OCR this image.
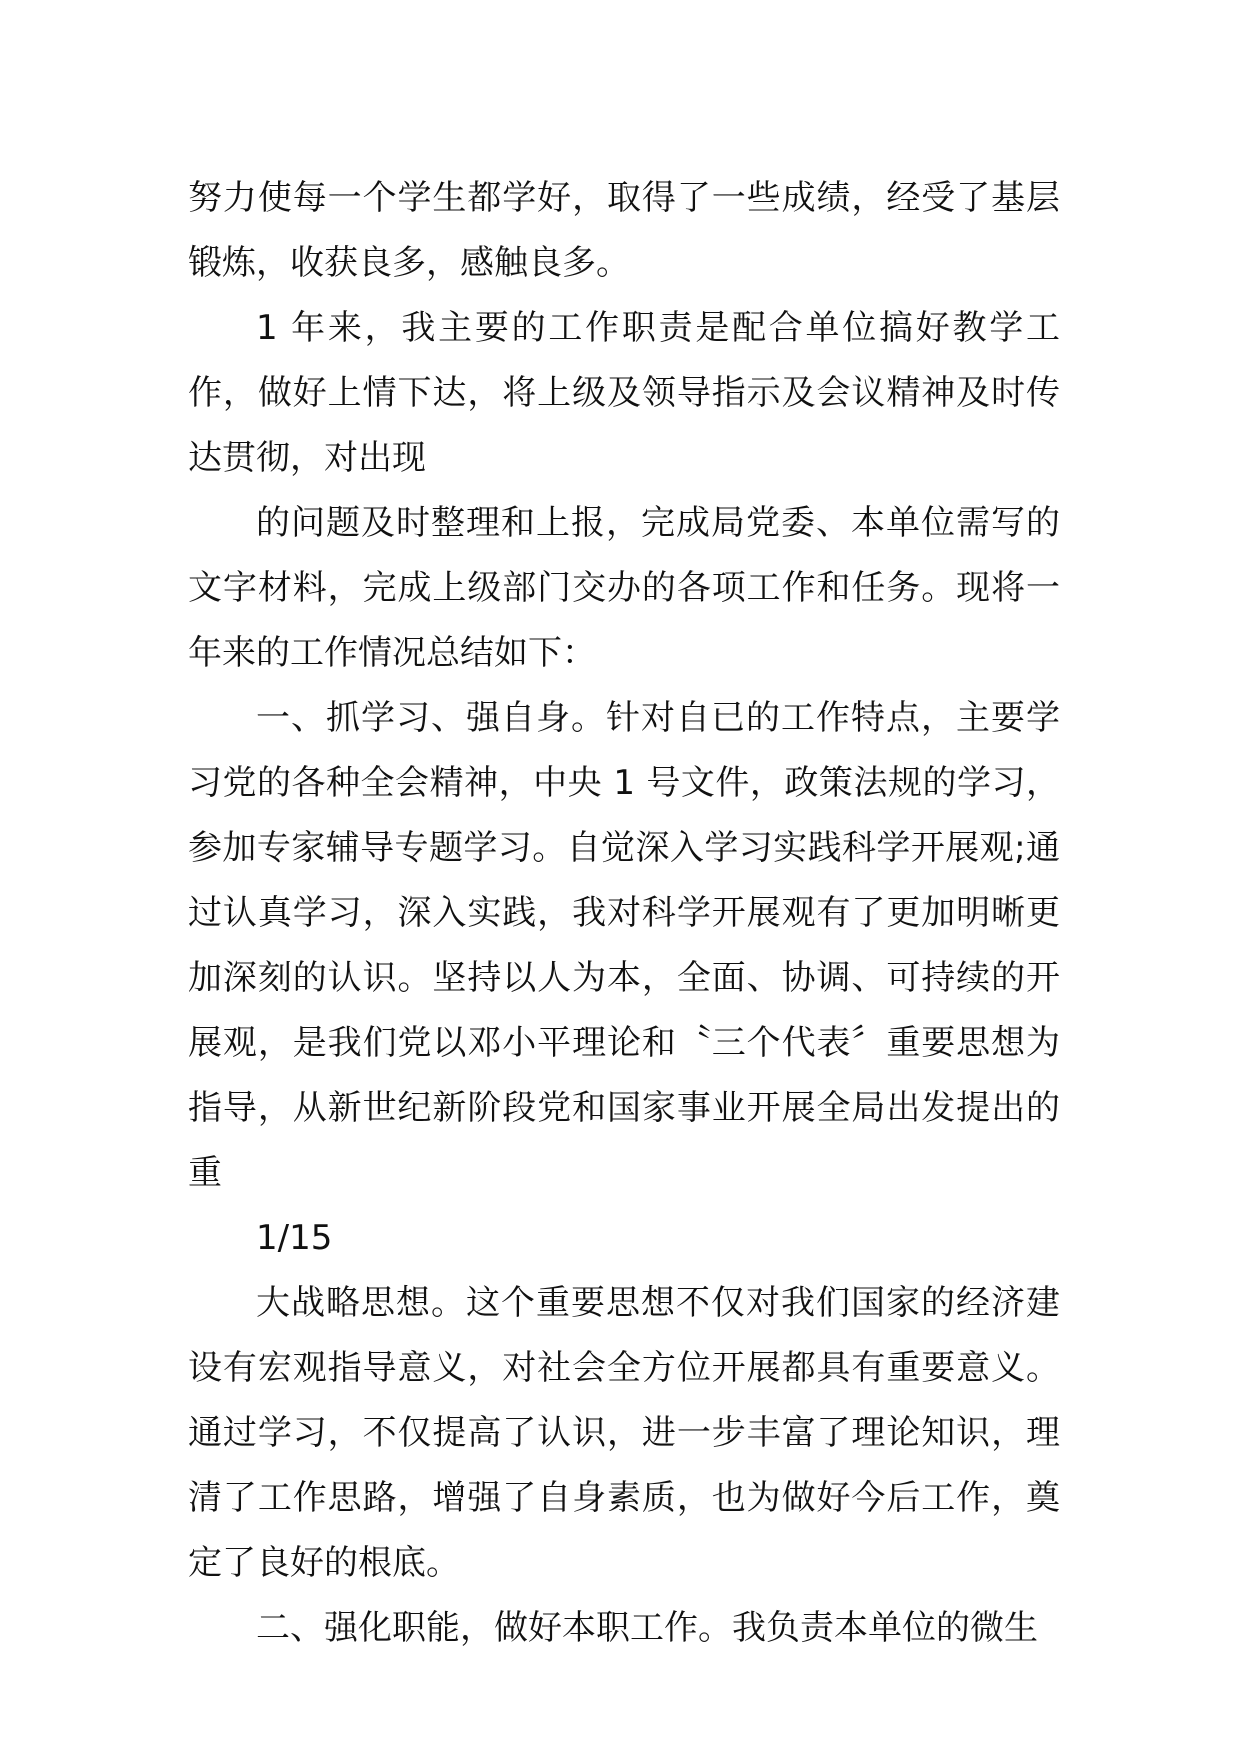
努力使每一个学生都学好，取得了一些成绩，经受了基层锻炼，收获良多，感触良多。

1 年来，我主要的工作职责是配合单位搞好教学工作，做好上情下达，将上级及领导指示及会议精神及时传达贯彻，对出现

的问题及时整理和上报，完成局党委、本单位需写的文字材料，完成上级部门交办的各项工作和任务。现将一年来的工作情况总结如下：

一、抓学习、强自身。针对自已的工作特点，主要学习党的各种全会精神，中央 1 号文件，政策法规的学习，参加专家辅导专题学习。自觉深入学习实践科学开展观;通过认真学习，深入实践，我对科学开展观有了更加明晰更加深刻的认识。坚持以人为本，全面、协调、可持续的开展观，是我们党以邓小平理论和〝三个代表〞重要思想为指导，从新世纪新阶段党和国家事业开展全局出发提出的重

1/15

大战略思想。这个重要思想不仅对我们国家的经济建设有宏观指导意义，对社会全方位开展都具有重要意义。通过学习，不仅提高了认识，进一步丰富了理论知识，理清了工作思路，增强了自身素质，也为做好今后工作，奠定了良好的根底。

二、强化职能，做好本职工作。我负责本单位的微生
